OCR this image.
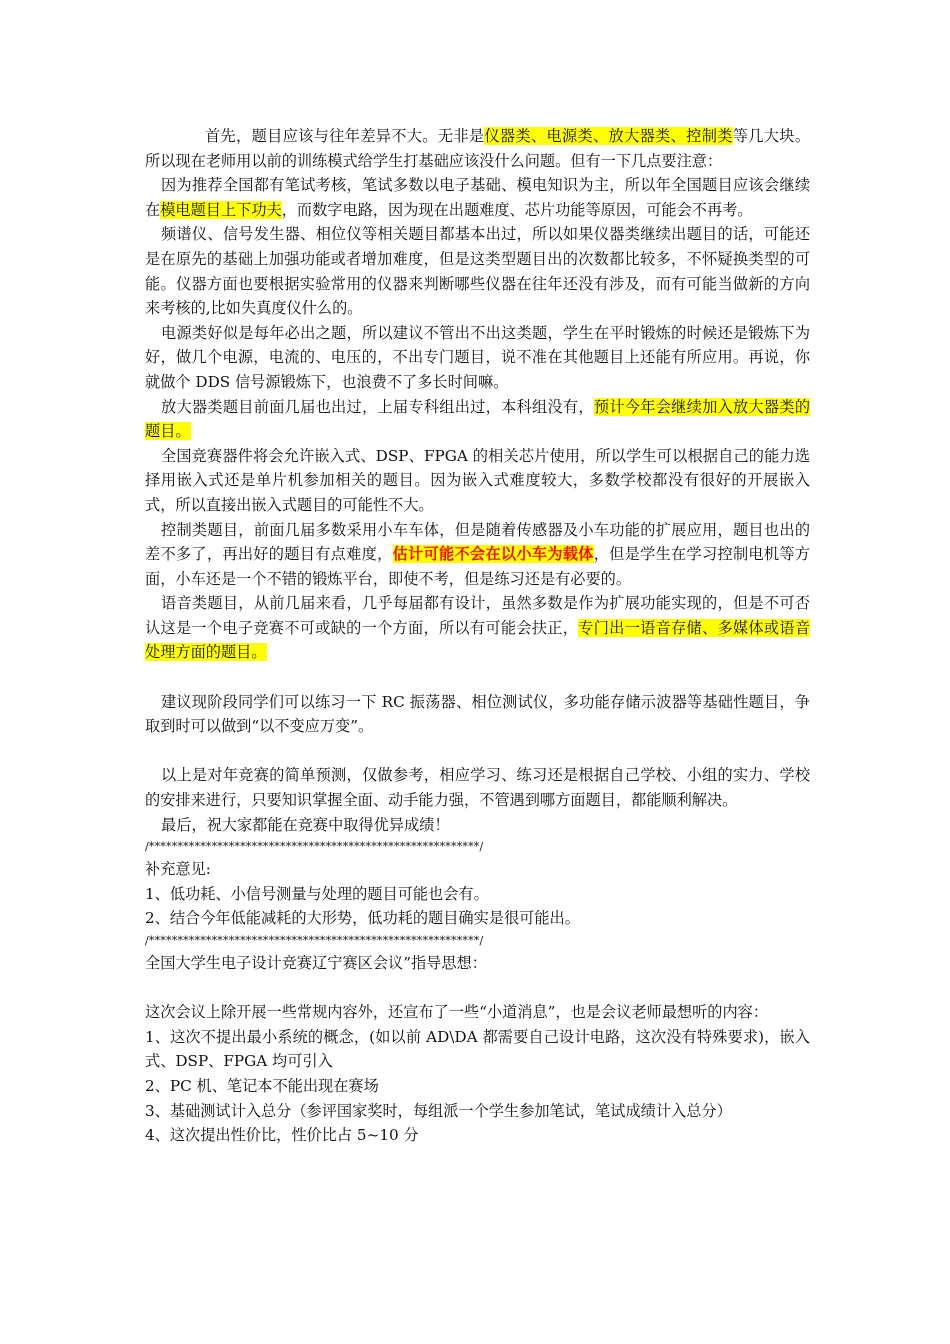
首先，题目应该与往年差异不大。无非是仪器类、电源类、放大器类、控制类等几大块。所以现在老师用以前的训练模式给学生打基础应该没什么问题。但有一下几点要注意：

因为推荐全国都有笔试考核，笔试多数以电子基础、模电知识为主，所以年全国题目应该会继续在模电题目上下功夫，而数字电路，因为现在出题难度、芯片功能等原因，可能会不再考。

频谱仪、信号发生器、相位仪等相关题目都基本出过，所以如果仪器类继续出题目的话，可能还是在原先的基础上加强功能或者增加难度，但是这类型题目出的次数都比较多，不怀疑换类型的可能。仪器方面也要根据实验常用的仪器来判断哪些仪器在往年还没有涉及，而有可能当做新的方向来考核的,比如失真度仪什么的。

电源类好似是每年必出之题，所以建议不管出不出这类题，学生在平时锻炼的时候还是锻炼下为好，做几个电源，电流的、电压的，不出专门题目，说不准在其他题目上还能有所应用。再说，你就做个 DDS 信号源锻炼下，也浪费不了多长时间嘛。

放大器类题目前面几届也出过，上届专科组出过，本科组没有，预计今年会继续加入放大器类的题目。

全国竞赛器件将会允许嵌入式、DSP、FPGA 的相关芯片使用，所以学生可以根据自己的能力选择用嵌入式还是单片机参加相关的题目。因为嵌入式难度较大，多数学校都没有很好的开展嵌入式，所以直接出嵌入式题目的可能性不大。

控制类题目，前面几届多数采用小车车体，但是随着传感器及小车功能的扩展应用，题目也出的差不多了，再出好的题目有点难度，估计可能不会在以小车为载体，但是学生在学习控制电机等方面，小车还是一个不错的锻炼平台，即使不考，但是练习还是有必要的。

语音类题目，从前几届来看，几乎每届都有设计，虽然多数是作为扩展功能实现的，但是不可否认这是一个电子竞赛不可或缺的一个方面，所以有可能会扶正，专门出一语音存储、多媒体或语音处理方面的题目。

建议现阶段同学们可以练习一下 RC 振荡器、相位测试仪，多功能存储示波器等基础性题目，争取到时可以做到“以不变应万变”。

以上是对年竞赛的简单预测，仅做参考，相应学习、练习还是根据自己学校、小组的实力、学校的安排来进行，只要知识掌握全面、动手能力强，不管遇到哪方面题目，都能顺利解决。

最后，祝大家都能在竞赛中取得优异成绩！

/**********************************************************/

补充意见:

1、低功耗、小信号测量与处理的题目可能也会有。

2、结合今年低能减耗的大形势，低功耗的题目确实是很可能出。

/**********************************************************/

全国大学生电子设计竞赛辽宁赛区会议”指导思想：

这次会议上除开展一些常规内容外，还宣布了一些“小道消息”，也是会议老师最想听的内容：

1、这次不提出最小系统的概念，(如以前 AD\DA 都需要自己设计电路，这次没有特殊要求)，嵌入式、DSP、FPGA 均可引入

2、PC 机、笔记本不能出现在赛场

3、基础测试计入总分（参评国家奖时，每组派一个学生参加笔试，笔试成绩计入总分）

4、这次提出性价比，性价比占 5~10 分
